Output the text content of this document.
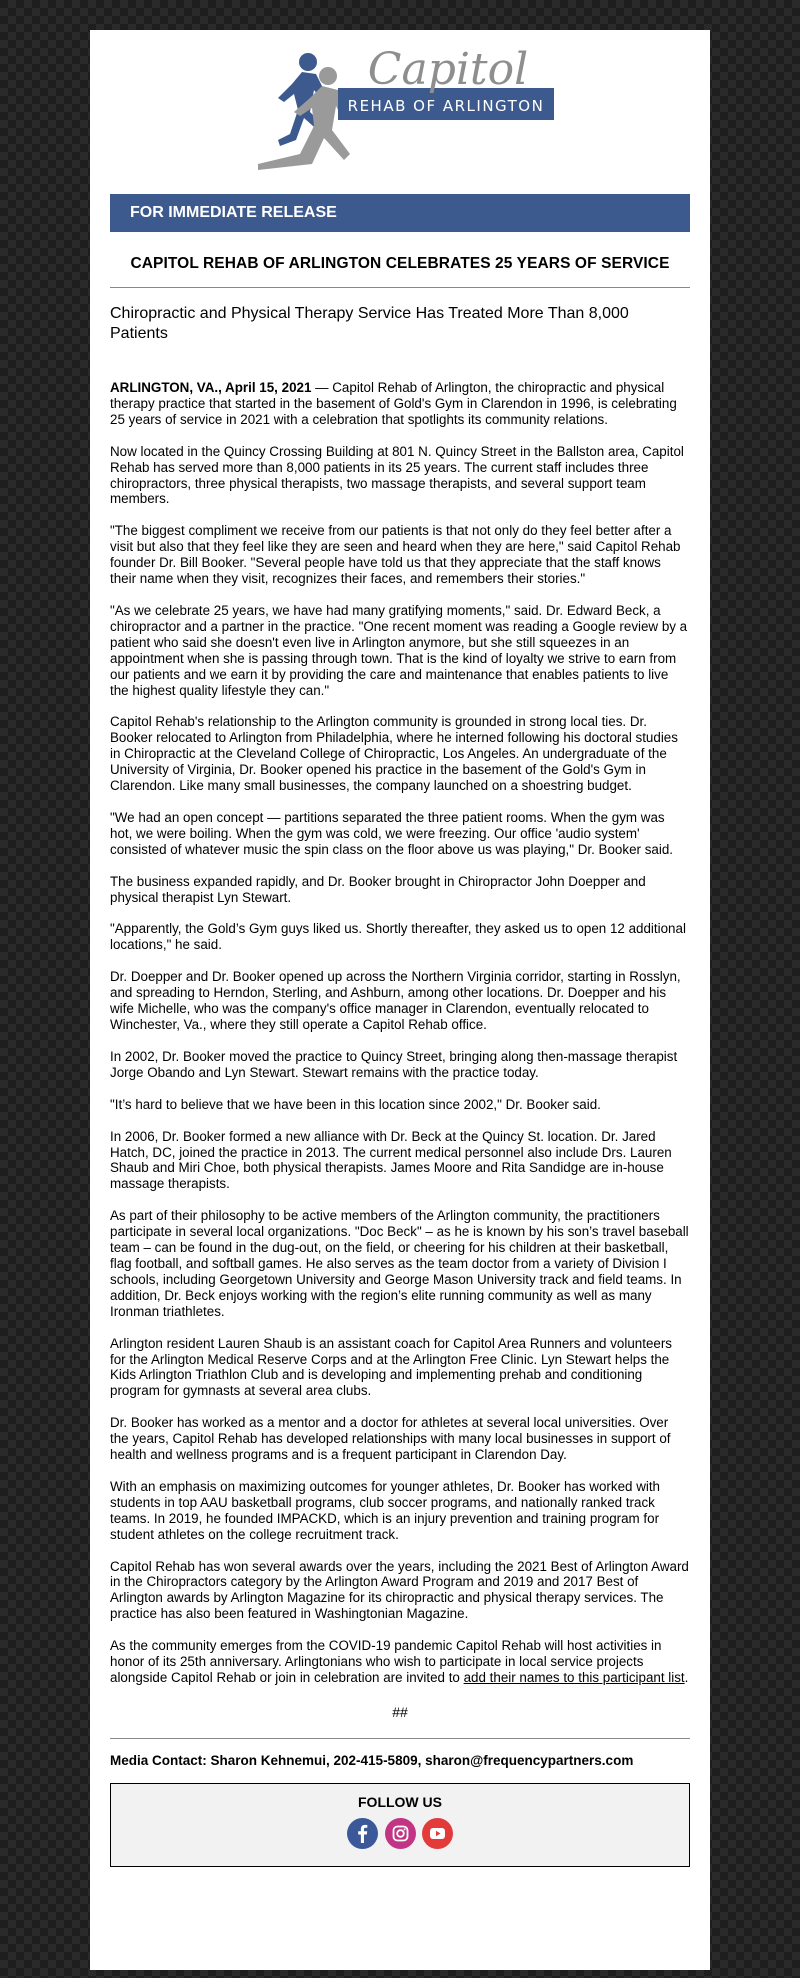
REHAB OF ARLINGTON
Capitol
FOR IMMEDIATE RELEASE
CAPITOL REHAB OF ARLINGTON CELEBRATES 25 YEARS OF SERVICE
Chiropractic and Physical Therapy Service Has Treated More Than 8,000 Patients

ARLINGTON, VA., April 15, 2021 — Capitol Rehab of Arlington, the chiropractic and physical therapy practice that started in the basement of Gold's Gym in Clarendon in 1996, is celebrating 25 years of service in 2021 with a celebration that spotlights its community relations.

Now located in the Quincy Crossing Building at 801 N. Quincy Street in the Ballston area, Capitol Rehab has served more than 8,000 patients in its 25 years. The current staff includes three chiropractors, three physical therapists, two massage therapists, and several support team members.

"The biggest compliment we receive from our patients is that not only do they feel better after a visit but also that they feel like they are seen and heard when they are here," said Capitol Rehab founder Dr. Bill Booker. "Several people have told us that they appreciate that the staff knows their name when they visit, recognizes their faces, and remembers their stories."

"As we celebrate 25 years, we have had many gratifying moments," said. Dr. Edward Beck, a chiropractor and a partner in the practice. "One recent moment was reading a Google review by a patient who said she doesn't even live in Arlington anymore, but she still squeezes in an appointment when she is passing through town. That is the kind of loyalty we strive to earn from our patients and we earn it by providing the care and maintenance that enables patients to live the highest quality lifestyle they can."

Capitol Rehab's relationship to the Arlington community is grounded in strong local ties. Dr. Booker relocated to Arlington from Philadelphia, where he interned following his doctoral studies in Chiropractic at the Cleveland College of Chiropractic, Los Angeles. An undergraduate of the University of Virginia, Dr. Booker opened his practice in the basement of the Gold's Gym in Clarendon. Like many small businesses, the company launched on a shoestring budget.

"We had an open concept — partitions separated the three patient rooms. When the gym was hot, we were boiling. When the gym was cold, we were freezing. Our office 'audio system' consisted of whatever music the spin class on the floor above us was playing," Dr. Booker said.

The business expanded rapidly, and Dr. Booker brought in Chiropractor John Doepper and physical therapist Lyn Stewart.

"Apparently, the Gold’s Gym guys liked us. Shortly thereafter, they asked us to open 12 additional locations," he said.

Dr. Doepper and Dr. Booker opened up across the Northern Virginia corridor, starting in Rosslyn, and spreading to Herndon, Sterling, and Ashburn, among other locations. Dr. Doepper and his wife Michelle, who was the company's office manager in Clarendon, eventually relocated to Winchester, Va., where they still operate a Capitol Rehab office.

In 2002, Dr. Booker moved the practice to Quincy Street, bringing along then-massage therapist Jorge Obando and Lyn Stewart. Stewart remains with the practice today.

"It’s hard to believe that we have been in this location since 2002," Dr. Booker said.

In 2006, Dr. Booker formed a new alliance with Dr. Beck at the Quincy St. location. Dr. Jared Hatch, DC, joined the practice in 2013. The current medical personnel also include Drs. Lauren Shaub and Miri Choe, both physical therapists. James Moore and Rita Sandidge are in-house massage therapists.

As part of their philosophy to be active members of the Arlington community, the practitioners participate in several local organizations. "Doc Beck" – as he is known by his son’s travel baseball team – can be found in the dug-out, on the field, or cheering for his children at their basketball, flag football, and softball games. He also serves as the team doctor from a variety of Division I schools, including Georgetown University and George Mason University track and field teams. In addition, Dr. Beck enjoys working with the region’s elite running community as well as many Ironman triathletes.

Arlington resident Lauren Shaub is an assistant coach for Capitol Area Runners and volunteers for the Arlington Medical Reserve Corps and at the Arlington Free Clinic. Lyn Stewart helps the Kids Arlington Triathlon Club and is developing and implementing prehab and conditioning program for gymnasts at several area clubs.

Dr. Booker has worked as a mentor and a doctor for athletes at several local universities. Over the years, Capitol Rehab has developed relationships with many local businesses in support of health and wellness programs and is a frequent participant in Clarendon Day.

With an emphasis on maximizing outcomes for younger athletes, Dr. Booker has worked with students in top AAU basketball programs, club soccer programs, and nationally ranked track teams. In 2019, he founded IMPACKD, which is an injury prevention and training program for student athletes on the college recruitment track.

Capitol Rehab has won several awards over the years, including the 2021 Best of Arlington Award in the Chiropractors category by the Arlington Award Program and 2019 and 2017 Best of Arlington awards by Arlington Magazine for its chiropractic and physical therapy services. The practice has also been featured in Washingtonian Magazine.

As the community emerges from the COVID-19 pandemic Capitol Rehab will host activities in honor of its 25th anniversary. Arlingtonians who wish to participate in local service projects alongside Capitol Rehab or join in celebration are invited to add their names to this participant list.

##
Media Contact: Sharon Kehnemui, 202-415-5809, sharon@frequencypartners.com
FOLLOW US
